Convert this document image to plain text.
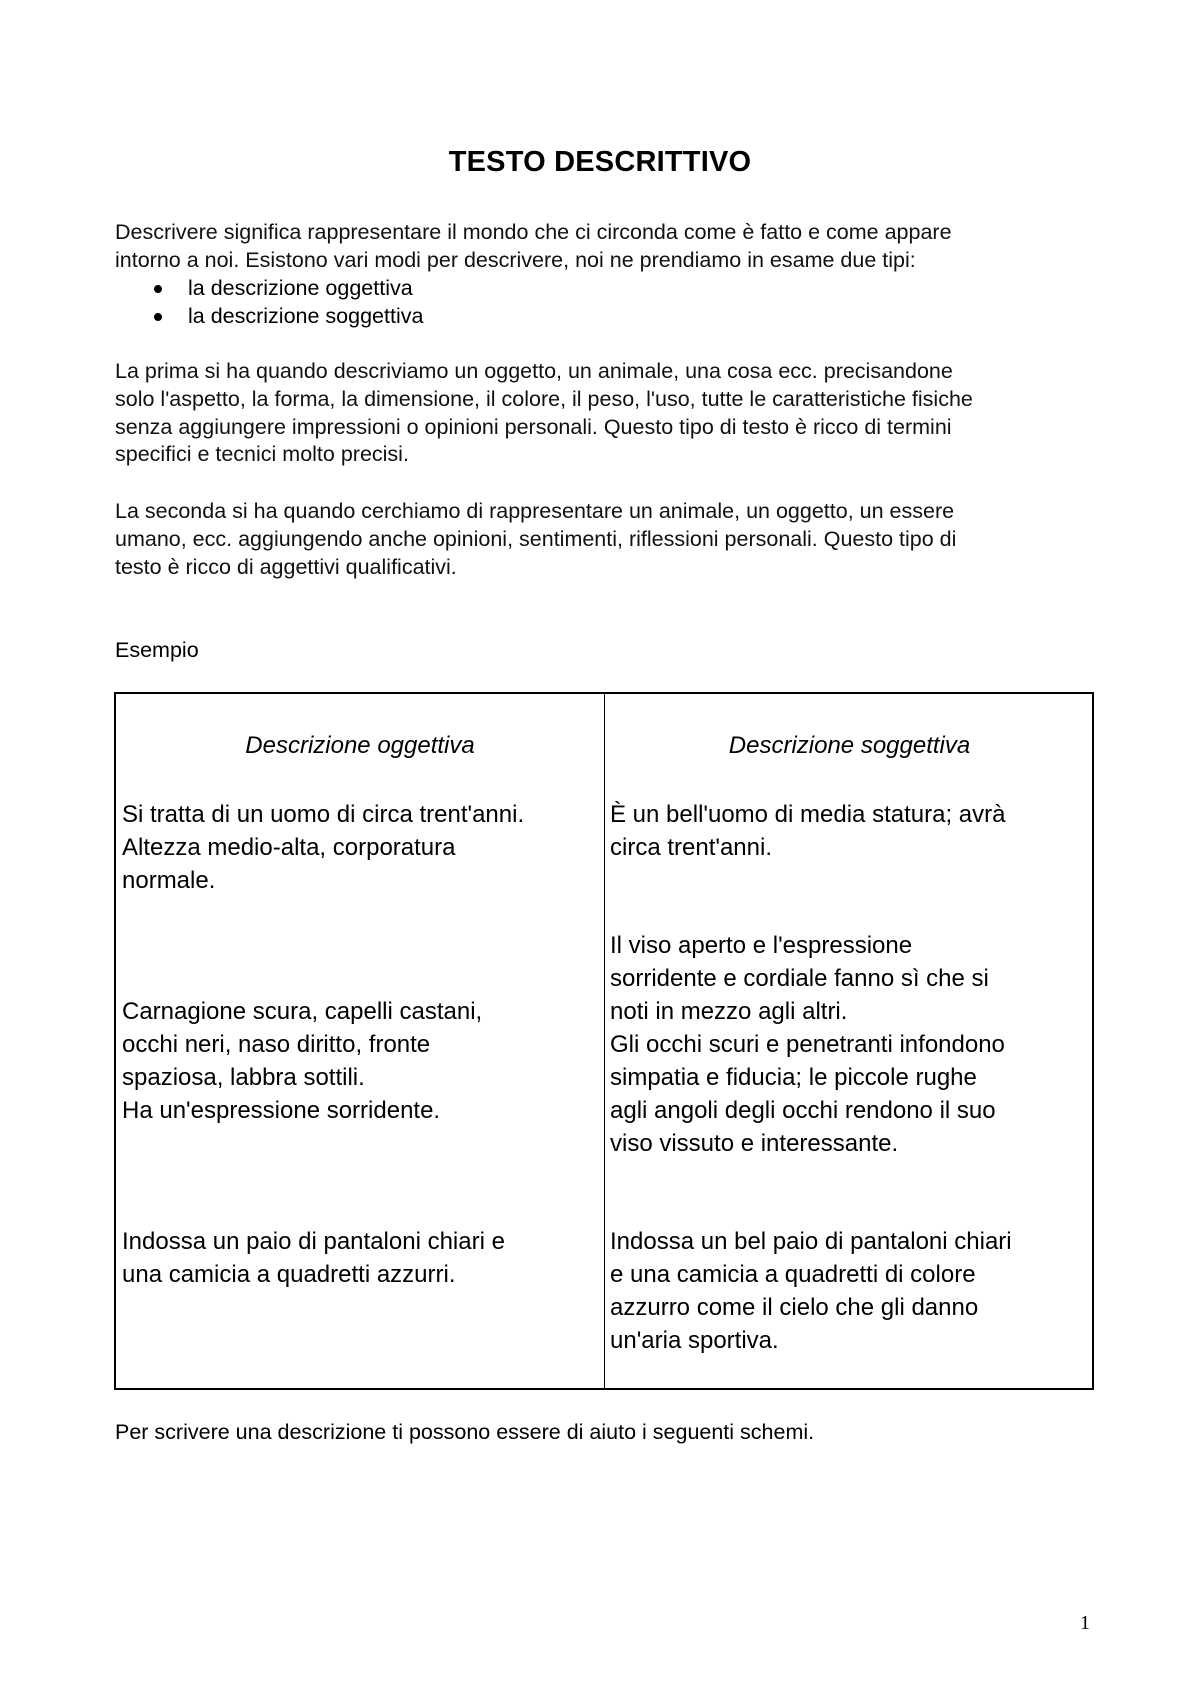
TESTO DESCRITTIVO
Descrivere significa rappresentare il mondo che ci circonda come è fatto e come appare
intorno a noi. Esistono vari modi per descrivere, noi ne prendiamo in esame due tipi:
la descrizione oggettiva
la descrizione soggettiva
La prima si ha quando descriviamo un oggetto, un animale, una cosa ecc. precisandone
solo l'aspetto, la forma, la dimensione, il colore, il peso, l'uso, tutte le caratteristiche fisiche
senza aggiungere impressioni o opinioni personali. Questo tipo di testo è ricco di termini
specifici e tecnici molto precisi.
La seconda si ha quando cerchiamo di rappresentare un animale, un oggetto, un essere
umano, ecc. aggiungendo anche opinioni, sentimenti, riflessioni personali. Questo tipo di
testo è ricco di aggettivi qualificativi.
Esempio
Descrizione oggettiva	Descrizione soggettiva
Si tratta di un uomo di circa trent'anni.
Altezza medio-alta, corporatura
normale.
Carnagione scura, capelli castani,
occhi neri, naso diritto, fronte
spaziosa, labbra sottili.
Ha un'espressione sorridente.
Indossa un paio di pantaloni chiari e
una camicia a quadretti azzurri.
È un bell'uomo di media statura; avrà
circa trent'anni.
Il viso aperto e l'espressione
sorridente e cordiale fanno sì che si
noti in mezzo agli altri.
Gli occhi scuri e penetranti infondono
simpatia e fiducia; le piccole rughe
agli angoli degli occhi rendono il suo
viso vissuto e interessante.
Indossa un bel paio di pantaloni chiari
e una camicia a quadretti di colore
azzurro come il cielo che gli danno
un'aria sportiva.
Per scrivere una descrizione ti possono essere di aiuto i seguenti schemi.
1
